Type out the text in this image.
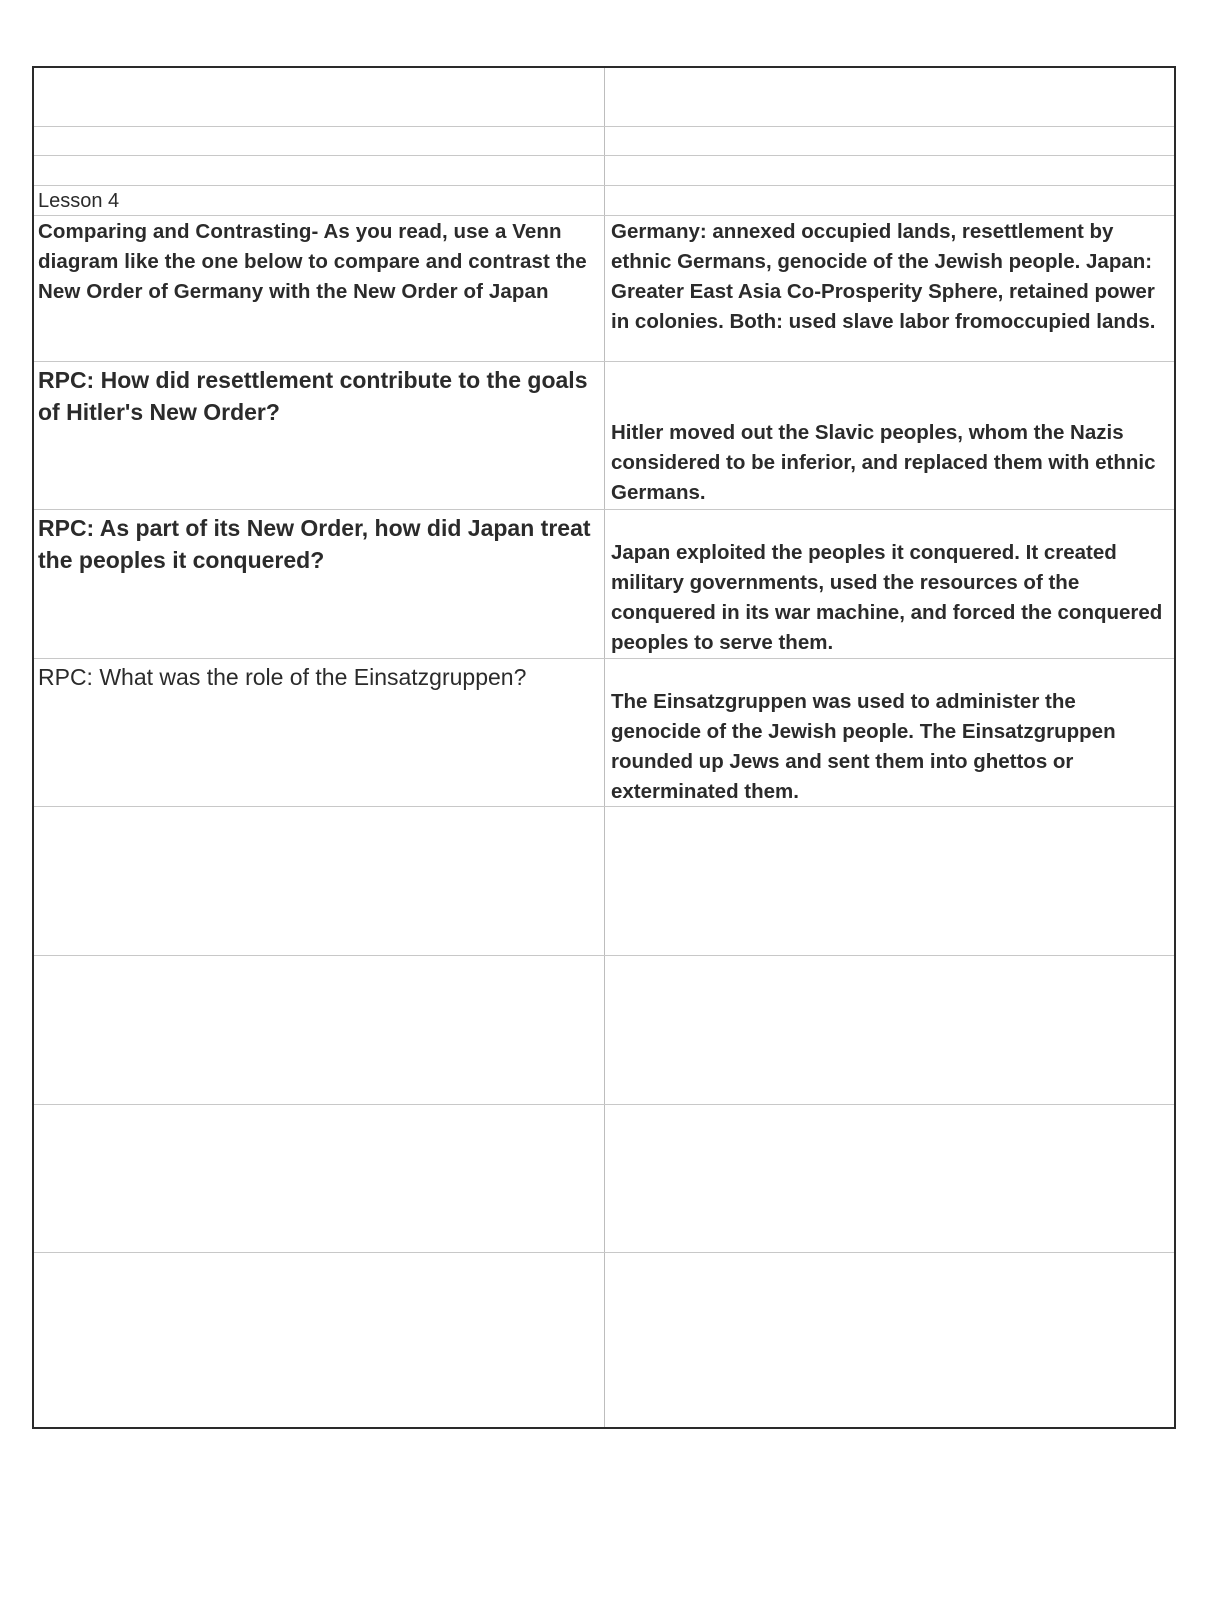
Lesson 4
Comparing and Contrasting- As you read, use a Venn diagram like the one below to compare and contrast the New Order of Germany with the New Order of Japan
Germany: annexed occupied lands, resettlement by ethnic Germans, genocide of the Jewish people. Japan: Greater East Asia Co-Prosperity Sphere, retained power in colonies. Both: used slave labor fromoccupied lands.
RPC: How did resettlement contribute to the goals of Hitler's New Order?
Hitler moved out the Slavic peoples, whom the Nazis considered to be inferior, and replaced them with ethnic Germans.
RPC: As part of its New Order, how did Japan treat the peoples it conquered?	Japan exploited the peoples it conquered. It created military governments, used the resources of the conquered in its war machine, and forced the conquered peoples to serve them.
RPC: What was the role of the Einsatzgruppen?
The Einsatzgruppen was used to administer the genocide of the Jewish people. The Einsatzgruppen rounded up Jews and sent them into ghettos or exterminated them.
